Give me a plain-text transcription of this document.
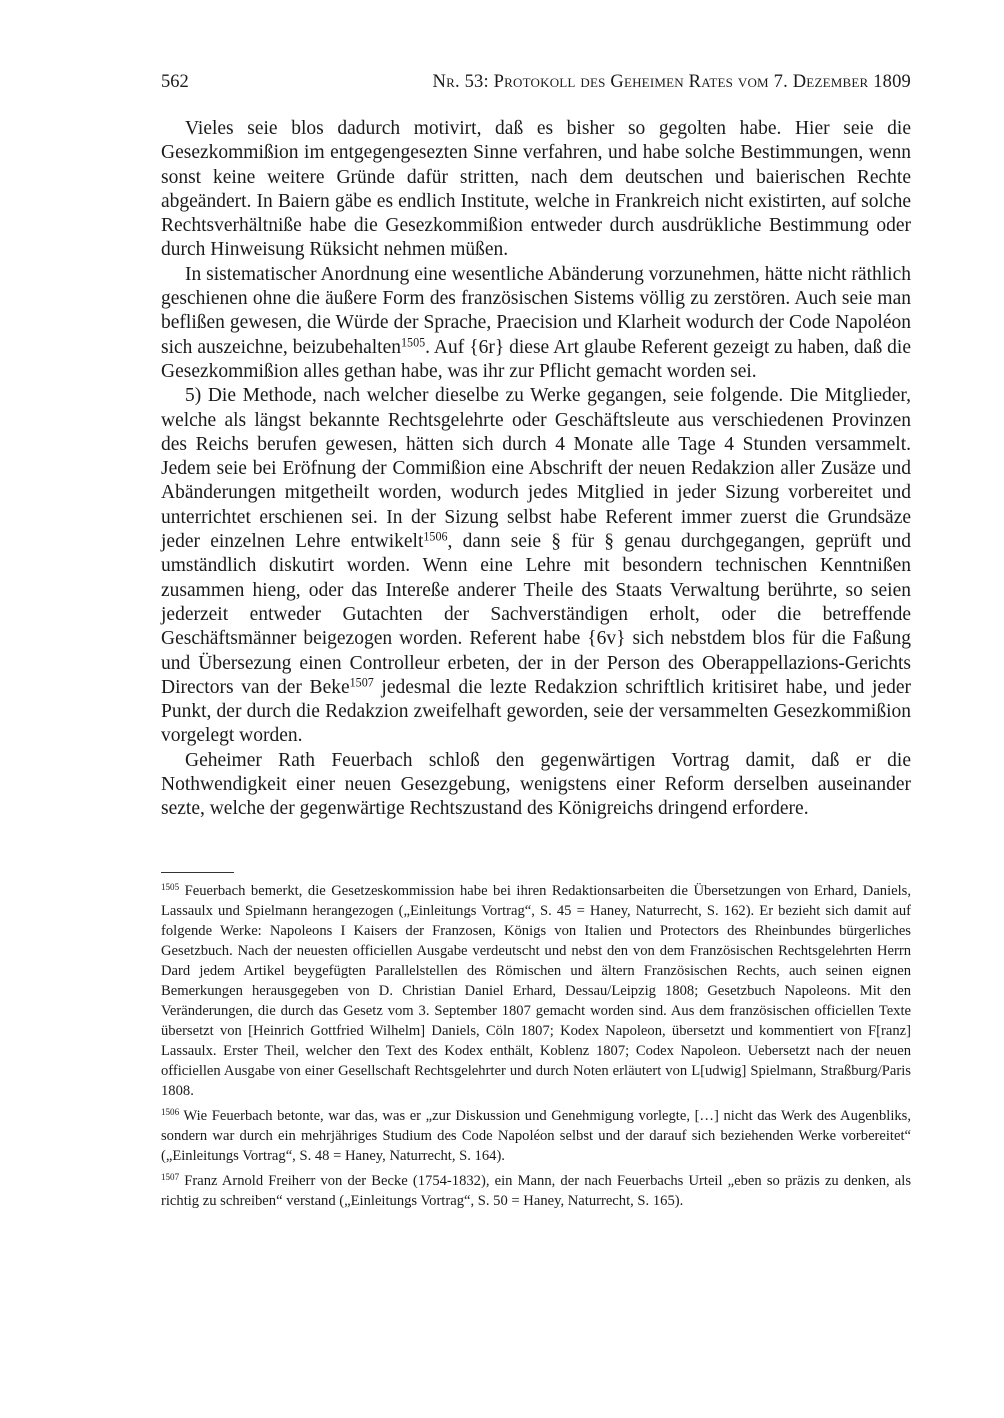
562	Nr. 53: Protokoll des Geheimen Rates vom 7. Dezember 1809

Vieles seie blos dadurch motivirt, daß es bisher so gegolten habe. Hier seie die Gesezkommißion im entgegengesezten Sinne verfahren, und habe solche Bestimmungen, wenn sonst keine weitere Gründe dafür stritten, nach dem deutschen und baierischen Rechte abgeändert. In Baiern gäbe es endlich Institute, welche in Frankreich nicht existirten, auf solche Rechtsverhältniße habe die Gesezkommißion entweder durch ausdrükliche Bestimmung oder durch Hinweisung Rüksicht nehmen müßen.

In sistematischer Anordnung eine wesentliche Abänderung vorzunehmen, hätte nicht räthlich geschienen ohne die äußere Form des französischen Sistems völlig zu zerstören. Auch seie man beflißen gewesen, die Würde der Sprache, Praecision und Klarheit wodurch der Code Napoléon sich auszeichne, beizubehalten$^{1505}$. Auf {6r} diese Art glaube Referent gezeigt zu haben, daß die Gesezkommißion alles gethan habe, was ihr zur Pflicht gemacht worden sei.

5) Die Methode, nach welcher dieselbe zu Werke gegangen, seie folgende. Die Mitglieder, welche als längst bekannte Rechtsgelehrte oder Geschäftsleute aus verschiedenen Provinzen des Reichs berufen gewesen, hätten sich durch 4 Monate alle Tage 4 Stunden versammelt. Jedem seie bei Eröfnung der Commißion eine Abschrift der neuen Redakzion aller Zusäze und Abänderungen mitgetheilt worden, wodurch jedes Mitglied in jeder Sizung vorbereitet und unterrichtet erschienen sei. In der Sizung selbst habe Referent immer zuerst die Grundsäze jeder einzelnen Lehre entwikelt$^{1506}$, dann seie § für § genau durchgegangen, geprüft und umständlich diskutirt worden. Wenn eine Lehre mit besondern technischen Kenntnißen zusammen hieng, oder das Intereße anderer Theile des Staats Verwaltung berührte, so seien jederzeit entweder Gutachten der Sachverständigen erholt, oder die betreffende Geschäftsmänner beigezogen worden. Referent habe {6v} sich nebstdem blos für die Faßung und Übersezung einen Controlleur erbeten, der in der Person des Oberappellazions-Gerichts Directors van der Beke$^{1507}$ jedesmal die lezte Redakzion schriftlich kritisiret habe, und jeder Punkt, der durch die Redakzion zweifelhaft geworden, seie der versammelten Gesezkommißion vorgelegt worden.

Geheimer Rath Feuerbach schloß den gegenwärtigen Vortrag damit, daß er die Nothwendigkeit einer neuen Gesezgebung, wenigstens einer Reform derselben auseinander sezte, welche der gegenwärtige Rechtszustand des Königreichs dringend erfordere.

$^{1505}$ Feuerbach bemerkt, die Gesetzeskommission habe bei ihren Redaktionsarbeiten die Übersetzungen von Erhard, Daniels, Lassaulx und Spielmann herangezogen („Einleitungs Vortrag“, S. 45 = Haney, Naturrecht, S. 162). Er bezieht sich damit auf folgende Werke: Napoleons I Kaisers der Franzosen, Königs von Italien und Protectors des Rheinbundes bürgerliches Gesetzbuch. Nach der neuesten officiellen Ausgabe verdeutscht und nebst den von dem Französischen Rechtsgelehrten Herrn Dard jedem Artikel beygefügten Parallelstellen des Römischen und ältern Französischen Rechts, auch seinen eignen Bemerkungen herausgegeben von D. Christian Daniel Erhard, Dessau/Leipzig 1808; Gesetzbuch Napoleons. Mit den Veränderungen, die durch das Gesetz vom 3. September 1807 gemacht worden sind. Aus dem französischen officiellen Texte übersetzt von [Heinrich Gottfried Wilhelm] Daniels, Cöln 1807; Kodex Napoleon, übersetzt und kommentiert von F[ranz] Lassaulx. Erster Theil, welcher den Text des Kodex enthält, Koblenz 1807; Codex Napoleon. Uebersetzt nach der neuen officiellen Ausgabe von einer Gesellschaft Rechtsgelehrter und durch Noten erläutert von L[udwig] Spielmann, Straßburg/Paris 1808.
$^{1506}$ Wie Feuerbach betonte, war das, was er „zur Diskussion und Genehmigung vorlegte, […] nicht das Werk des Augenbliks, sondern war durch ein mehrjähriges Studium des Code Napoléon selbst und der darauf sich beziehenden Werke vorbereitet“ („Einleitungs Vortrag“, S. 48 = Haney, Naturrecht, S. 164).
$^{1507}$ Franz Arnold Freiherr von der Becke (1754-1832), ein Mann, der nach Feuerbachs Urteil „eben so präzis zu denken, als richtig zu schreiben“ verstand („Einleitungs Vortrag“, S. 50 = Haney, Naturrecht, S. 165).
